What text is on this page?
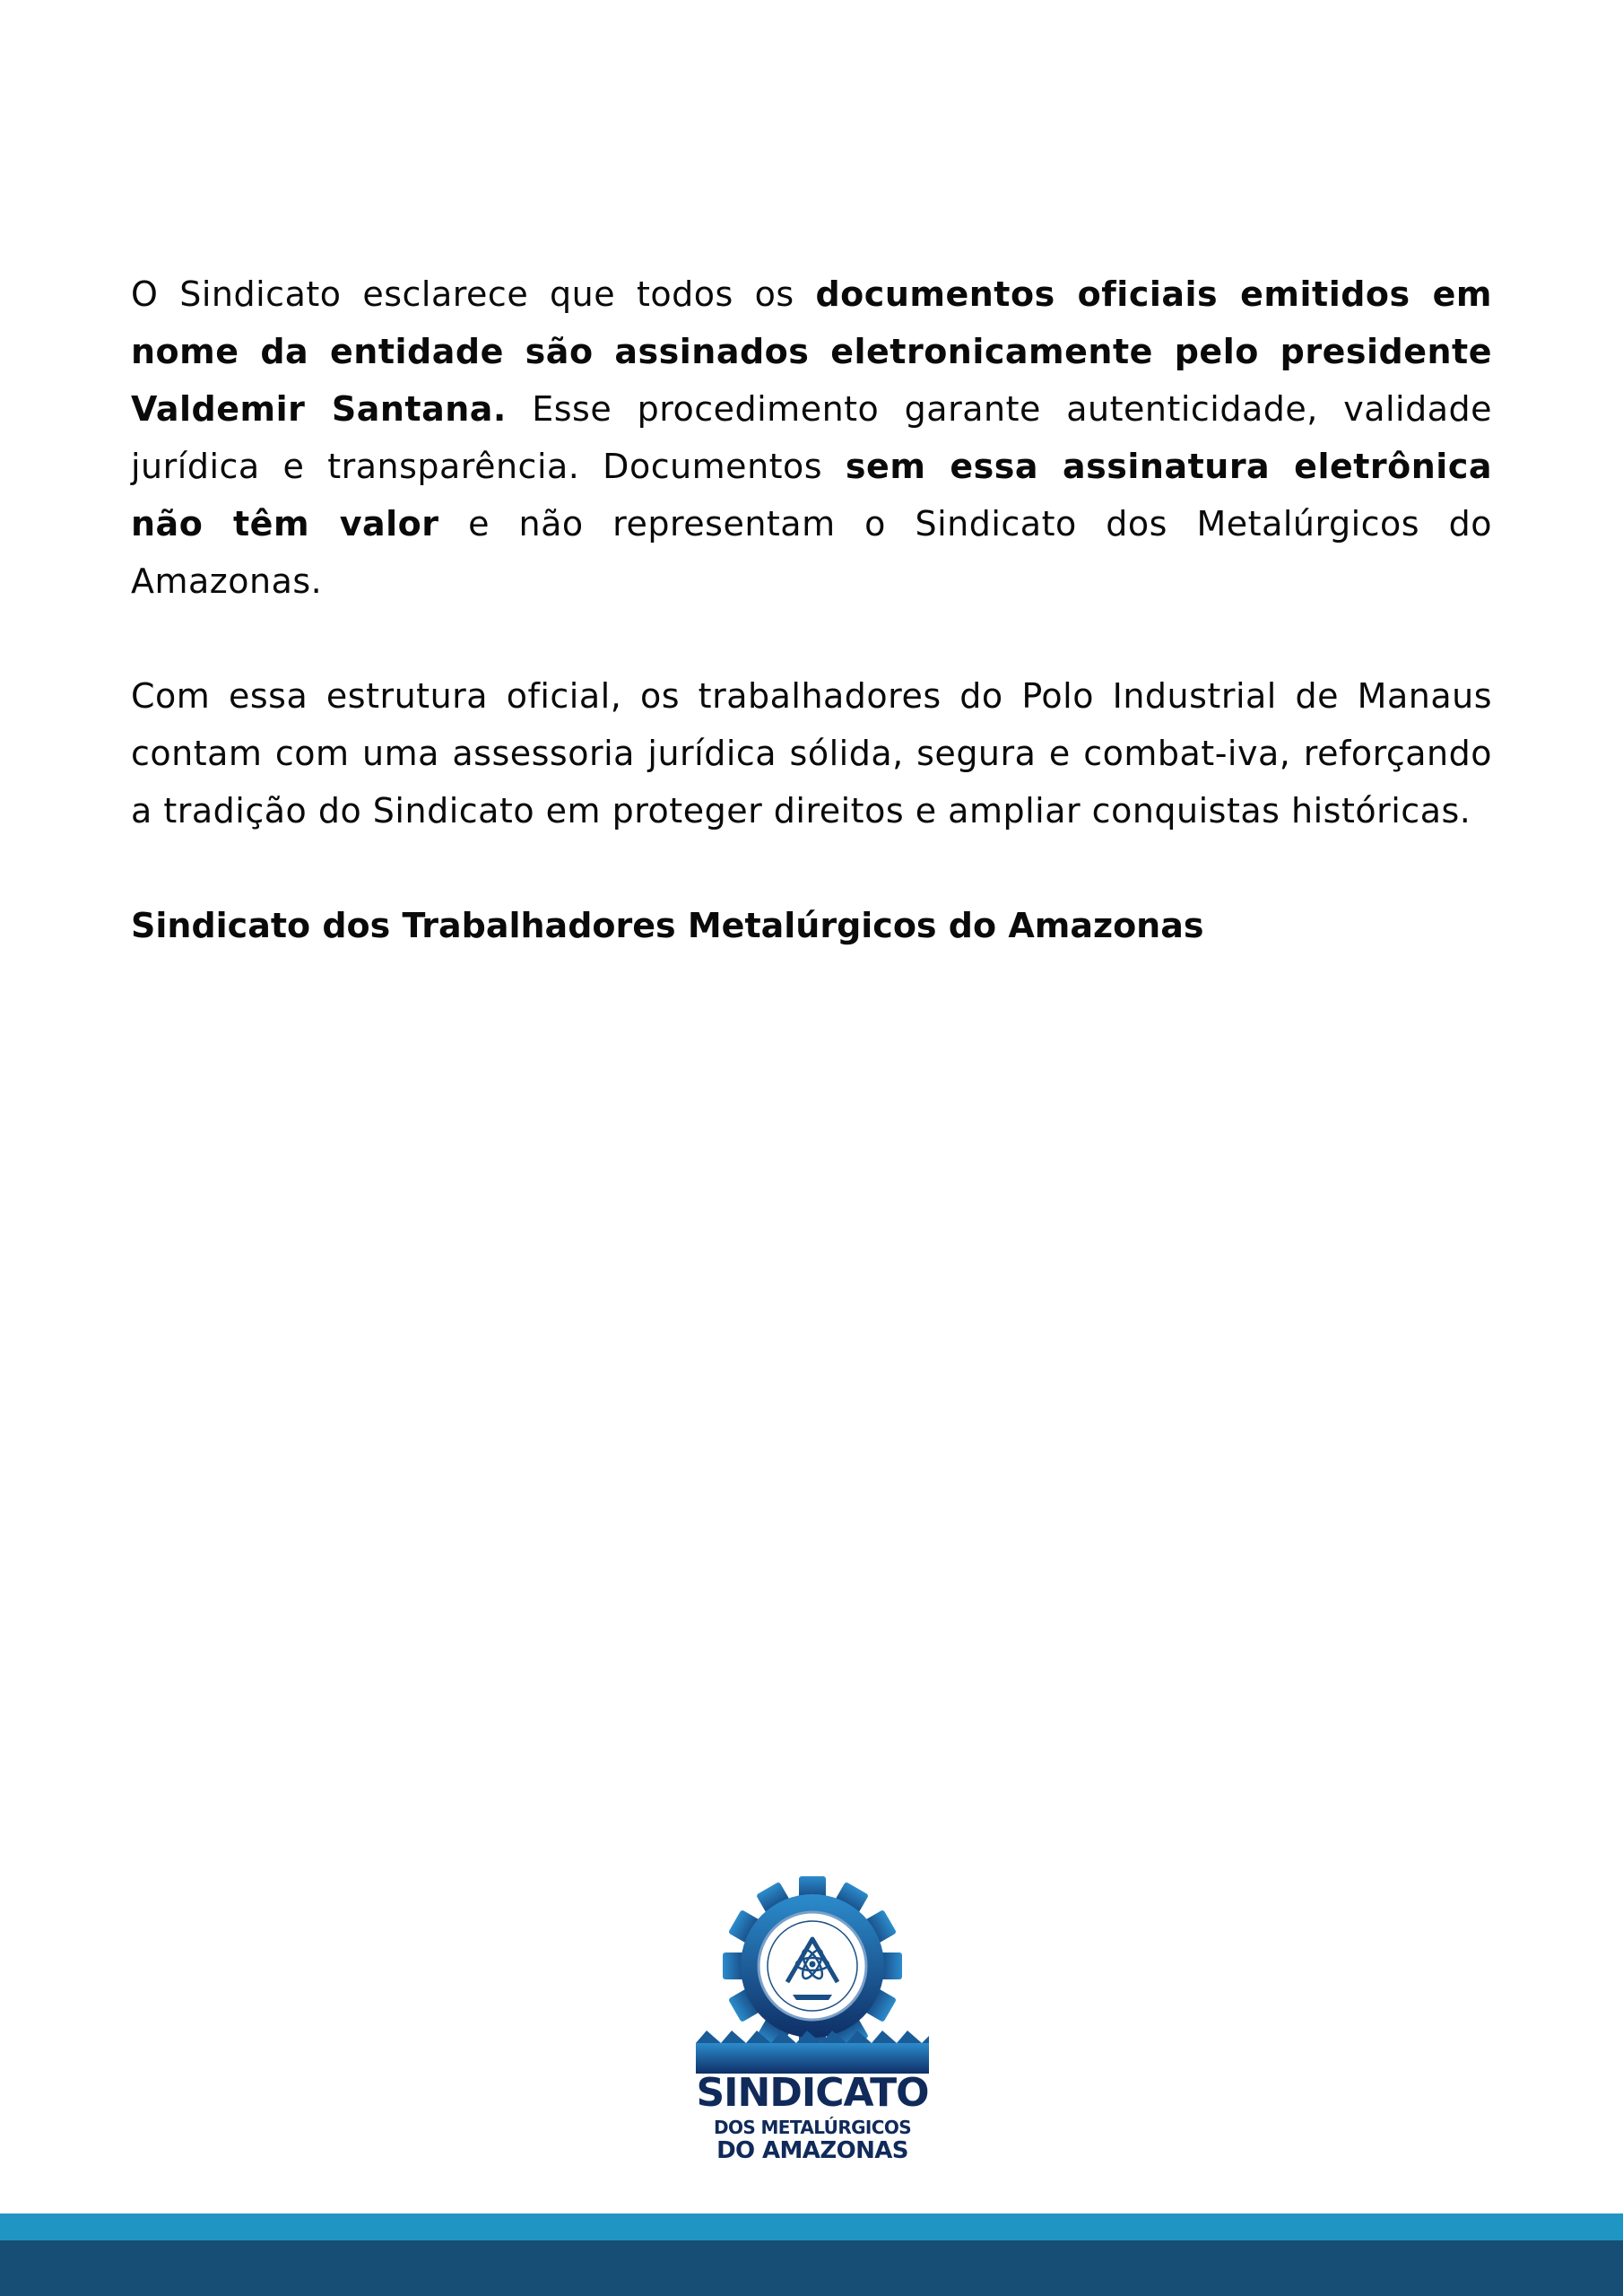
O Sindicato esclarece que todos os documentos oficiais emitidos em nome da entidade são assinados eletronicamente pelo presidente Valdemir Santana. Esse procedimento garante autenticidade, validade jurídica e transparência. Documentos sem essa assinatura eletrônica não têm valor e não representam o Sindicato dos Metalúrgicos do Amazonas.

Com essa estrutura oficial, os trabalhadores do Polo Industrial de Manaus contam com uma assessoria jurídica sólida, segura e combat-iva, reforçando a tradição do Sindicato em proteger direitos e ampliar conquistas históricas.

Sindicato dos Trabalhadores Metalúrgicos do Amazonas

SINDICATO
DOS METALÚRGICOS
DO AMAZONAS
